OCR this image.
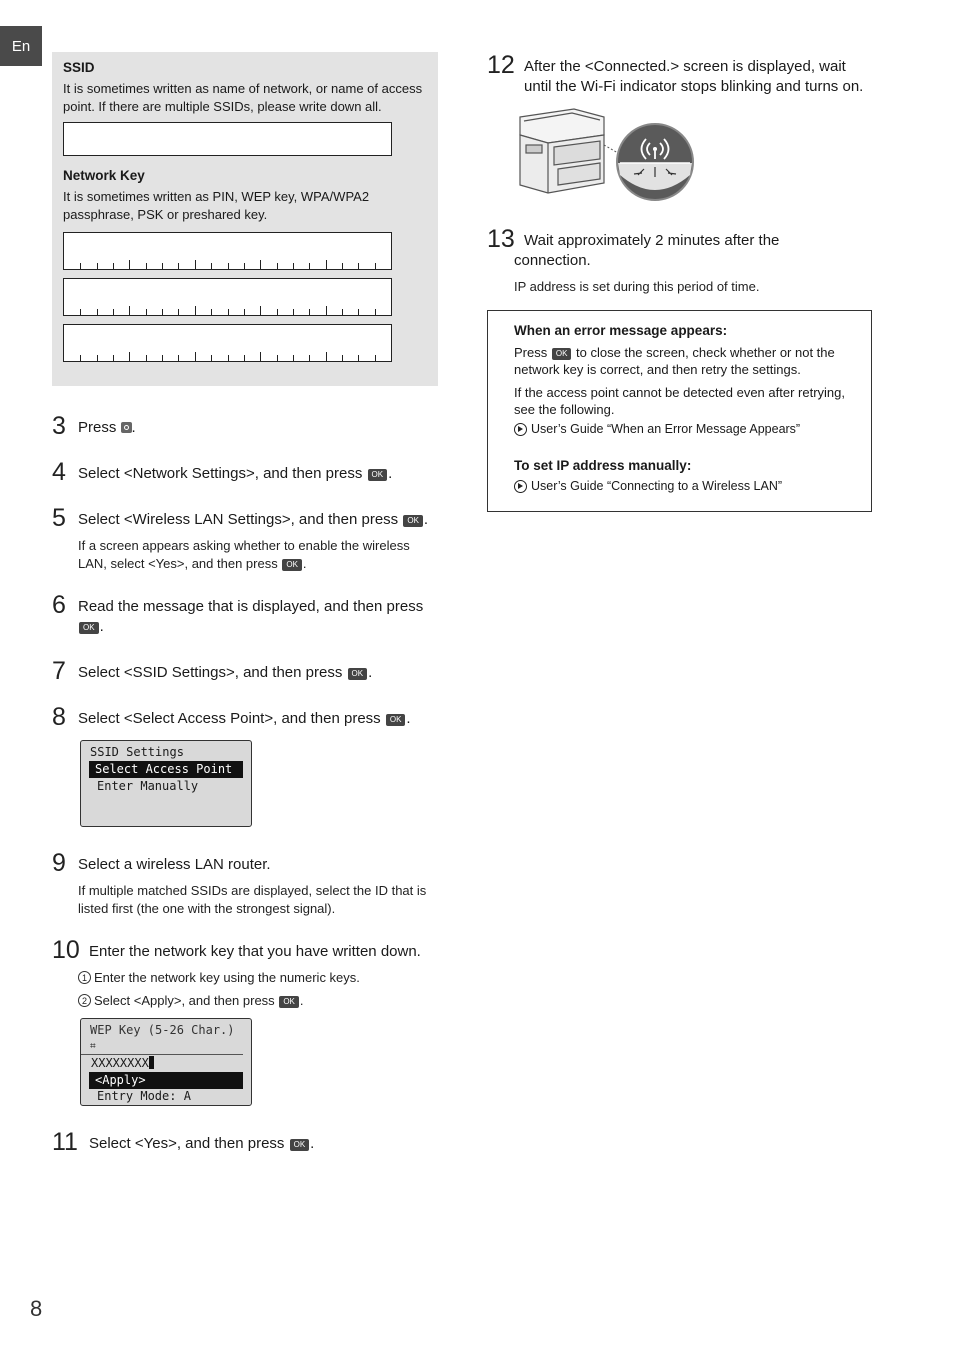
En
SSID

It is sometimes written as name of network, or name of access point. If there are multiple SSIDs, please write down all.

Network Key

It is sometimes written as PIN, WEP key, WPA/WPA2 passphrase, PSK or preshared key.

3 Press .
4 Select <Network Settings>, and then press OK .
5 Select <Wireless LAN Settings>, and then press OK .
If a screen appears asking whether to enable the wireless LAN, select <Yes>, and then press OK .
6 Read the message that is displayed, and then press
OK .
7 Select <SSID Settings>, and then press OK .
8 Select <Select Access Point>, and then press OK .
SSID Settings
Select Access Point
Enter Manually
9 Select a wireless LAN router.
If multiple matched SSIDs are displayed, select the ID that is listed first (the one with the strongest signal).
10 Enter the network key that you have written down.
1 Enter the network key using the numeric keys.
2 Select <Apply>, and then press OK .
WEP Key (5-26 Char.)
⌗
XXXXXXXX
<Apply>
Entry Mode: A
11 Select <Yes>, and then press OK .
8
12 After the <Connected.> screen is displayed, wait until the Wi-Fi indicator stops blinking and turns on.
13 Wait approximately 2 minutes after the connection.
IP address is set during this period of time.
When an error message appears:

Press OK to close the screen, check whether or not the network key is correct, and then retry the settings.

If the access point cannot be detected even after retrying, see the following.

User’s Guide “When an Error Message Appears”
To set IP address manually:
User’s Guide “Connecting to a Wireless LAN”
